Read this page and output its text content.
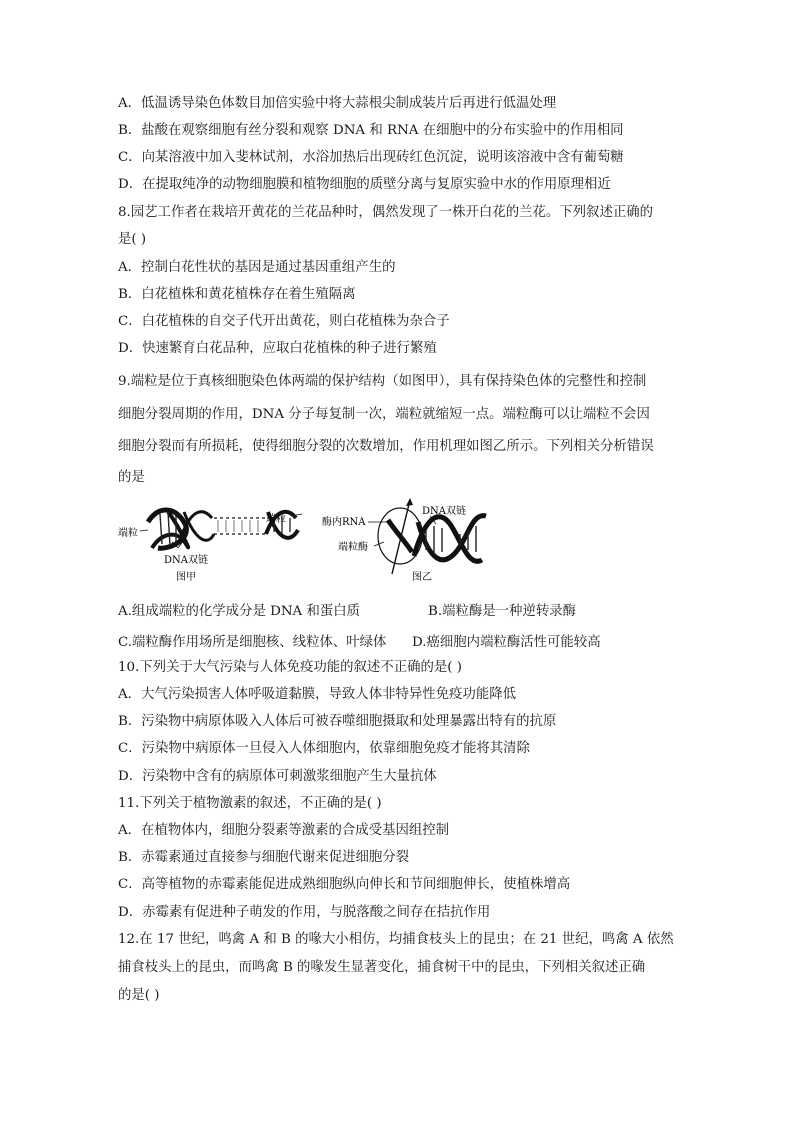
A．低温诱导染色体数目加倍实验中将大蒜根尖制成装片后再进行低温处理
B．盐酸在观察细胞有丝分裂和观察 DNA 和 RNA 在细胞中的分布实验中的作用相同
C．向某溶液中加入斐林试剂，水浴加热后出现砖红色沉淀，说明该溶液中含有葡萄糖
D．在提取纯净的动物细胞膜和植物细胞的质壁分离与复原实验中水的作用原理相近
8.园艺工作者在栽培开黄花的兰花品种时，偶然发现了一株开白花的兰花。下列叙述正确的
是( )
A．控制白花性状的基因是通过基因重组产生的
B．白花植株和黄花植株存在着生殖隔离
C．白花植株的自交子代开出黄花，则白花植株为杂合子
D．快速繁育白花品种，应取白花植株的种子进行繁殖
9.端粒是位于真核细胞染色体两端的保护结构（如图甲），具有保持染色体的完整性和控制
细胞分裂周期的作用，DNA 分子每复制一次，端粒就缩短一点。端粒酶可以让端粒不会因
细胞分裂而有所损耗，使得细胞分裂的次数增加，作用机理如图乙所示。下列相关分析错误
的是
端粒
端粒
DNA双链
图甲
酶内RNA
端粒酶
DNA双链
图乙
A.组成端粒的化学成分是 DNA 和蛋白质	B.端粒酶是一种逆转录酶
C.端粒酶作用场所是细胞核、线粒体、叶绿体 D.癌细胞内端粒酶活性可能较高
10.下列关于大气污染与人体免疫功能的叙述不正确的是( )
A．大气污染损害人体呼吸道黏膜，导致人体非特异性免疫功能降低
B．污染物中病原体吸入人体后可被吞噬细胞摄取和处理暴露出特有的抗原
C．污染物中病原体一旦侵入人体细胞内，依靠细胞免疫才能将其清除
D．污染物中含有的病原体可刺激浆细胞产生大量抗体
11.下列关于植物激素的叙述，不正确的是( )
A．在植物体内，细胞分裂素等激素的合成受基因组控制
B．赤霉素通过直接参与细胞代谢来促进细胞分裂
C．高等植物的赤霉素能促进成熟细胞纵向伸长和节间细胞伸长，使植株增高
D．赤霉素有促进种子萌发的作用，与脱落酸之间存在拮抗作用
12.在 17 世纪，鸣禽 A 和 B 的喙大小相仿，均捕食枝头上的昆虫；在 21 世纪，鸣禽 A 依然
捕食枝头上的昆虫，而鸣禽 B 的喙发生显著变化，捕食树干中的昆虫，下列相关叙述正确
的是( )
